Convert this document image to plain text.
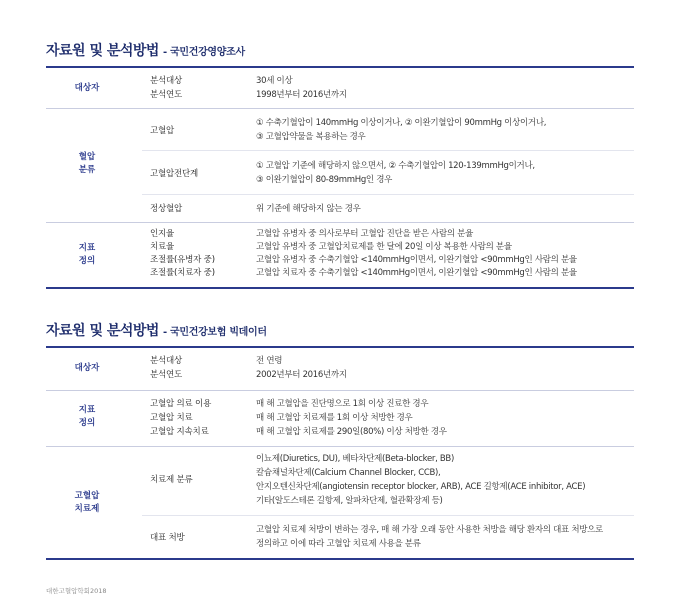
자료원 및 분석방법 - 국민건강영양조사
대상자
분석대상
분석연도
30세 이상
1998년부터 2016년까지
혈압
분류
고혈압
① 수축기혈압이 140mmHg 이상이거나, ② 이완기혈압이 90mmHg 이상이거나,
③ 고혈압약물을 복용하는 경우
고혈압전단계
① 고혈압 기준에 해당하지 않으면서, ② 수축기혈압이 120-139mmHg이거나,
③ 이완기혈압이 80-89mmHg인 경우
정상혈압	위 기준에 해당하지 않는 경우
지표
정의
인지율
치료율
조절률(유병자 중)
조절률(치료자 중)
고혈압 유병자 중 의사로부터 고혈압 진단을 받은 사람의 분율
고혈압 유병자 중 고혈압치료제를 한 달에 20일 이상 복용한 사람의 분율
고혈압 유병자 중 수축기혈압 <140mmHg이면서, 이완기혈압 <90mmHg인 사람의 분율
고혈압 치료자 중 수축기혈압 <140mmHg이면서, 이완기혈압 <90mmHg인 사람의 분율
자료원 및 분석방법 - 국민건강보험 빅데이터
대상자
분석대상
분석연도
전 연령
2002년부터 2016년까지
지표
정의
고혈압 의료 이용
고혈압 치료
고혈압 지속치료
매 해 고혈압을 진단명으로 1회 이상 진료한 경우
매 해 고혈압 치료제를 1회 이상 처방한 경우
매 해 고혈압 치료제를 290일(80%) 이상 처방한 경우
고혈압
치료제
치료제 분류
이뇨제(Diuretics, DU), 베타차단제(Beta-blocker, BB)
칼슘채널차단제(Calcium Channel Blocker, CCB),
안지오텐신차단제(angiotensin receptor blocker, ARB), ACE 길항제(ACE inhibitor, ACE)
기타(알도스테론 길항제, 알파차단제, 혈관확장제 등)
대표 처방
고혈압 치료제 처방이 변하는 경우, 매 해 가장 오래 동안 사용한 처방을 해당 환자의 대표 처방으로
정의하고 이에 따라 고혈압 치료제 사용을 분류
대한고혈압학회2018
